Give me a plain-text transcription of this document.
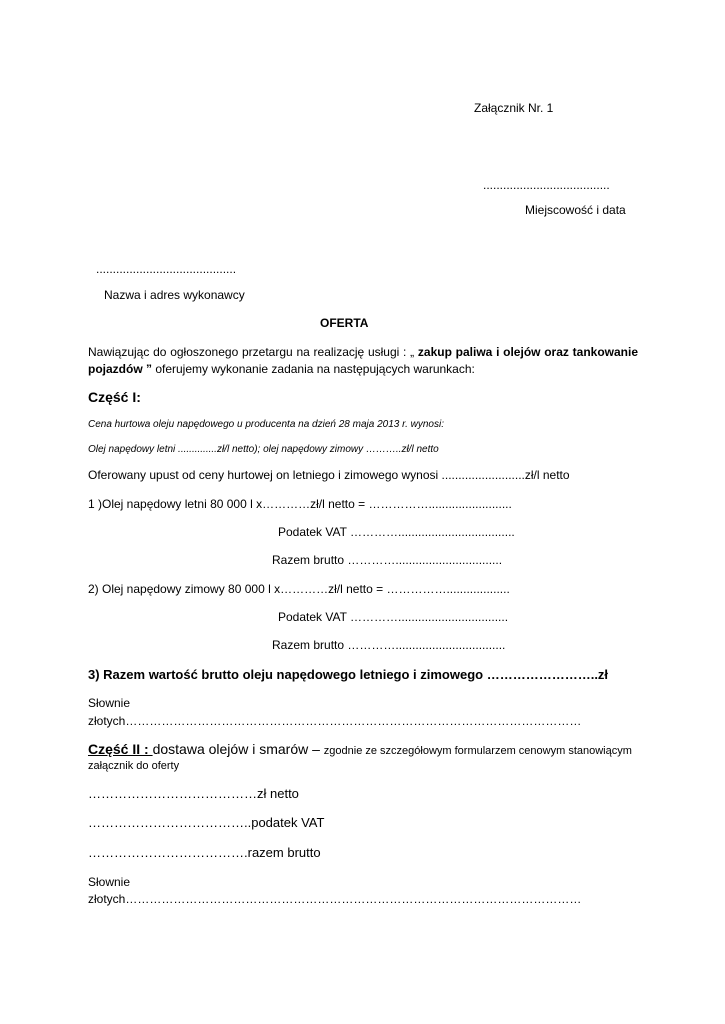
Załącznik Nr. 1
......................................
Miejscowość i data
..........................................
Nazwa i adres wykonawcy
OFERTA
Nawiązując do ogłoszonego przetargu na realizację usługi : „ zakup paliwa i olejów oraz tankowanie pojazdów ” oferujemy wykonanie zadania na następujących warunkach:
Część I:
Cena hurtowa oleju napędowego u producenta na dzień 28 maja 2013 r. wynosi:
Olej napędowy letni ..............zł/l netto); olej napędowy zimowy ………..zł/l netto
Oferowany upust od ceny hurtowej on letniego i zimowego wynosi .........................zł/l netto
1 )Olej napędowy letni 80 000 l x…………zł/l netto = …………….........................
Podatek VAT …………...................................
Razem brutto …………................................
2) Olej napędowy zimowy 80 000 l x…………zł/l netto = ……………...................
Podatek VAT ………….................................
Razem brutto ………….................................
3) Razem wartość brutto oleju napędowego letniego i zimowego ……………………..zł
Słownie
złotych……………………………………………………………………………………………………
Część II : dostawa olejów i smarów – zgodnie ze szczegółowym formularzem cenowym stanowiącym
załącznik do oferty
…………………………………zł netto
………………………………..podatek VAT
……………………………….razem brutto
Słownie
złotych……………………………………………………………………………………………………
